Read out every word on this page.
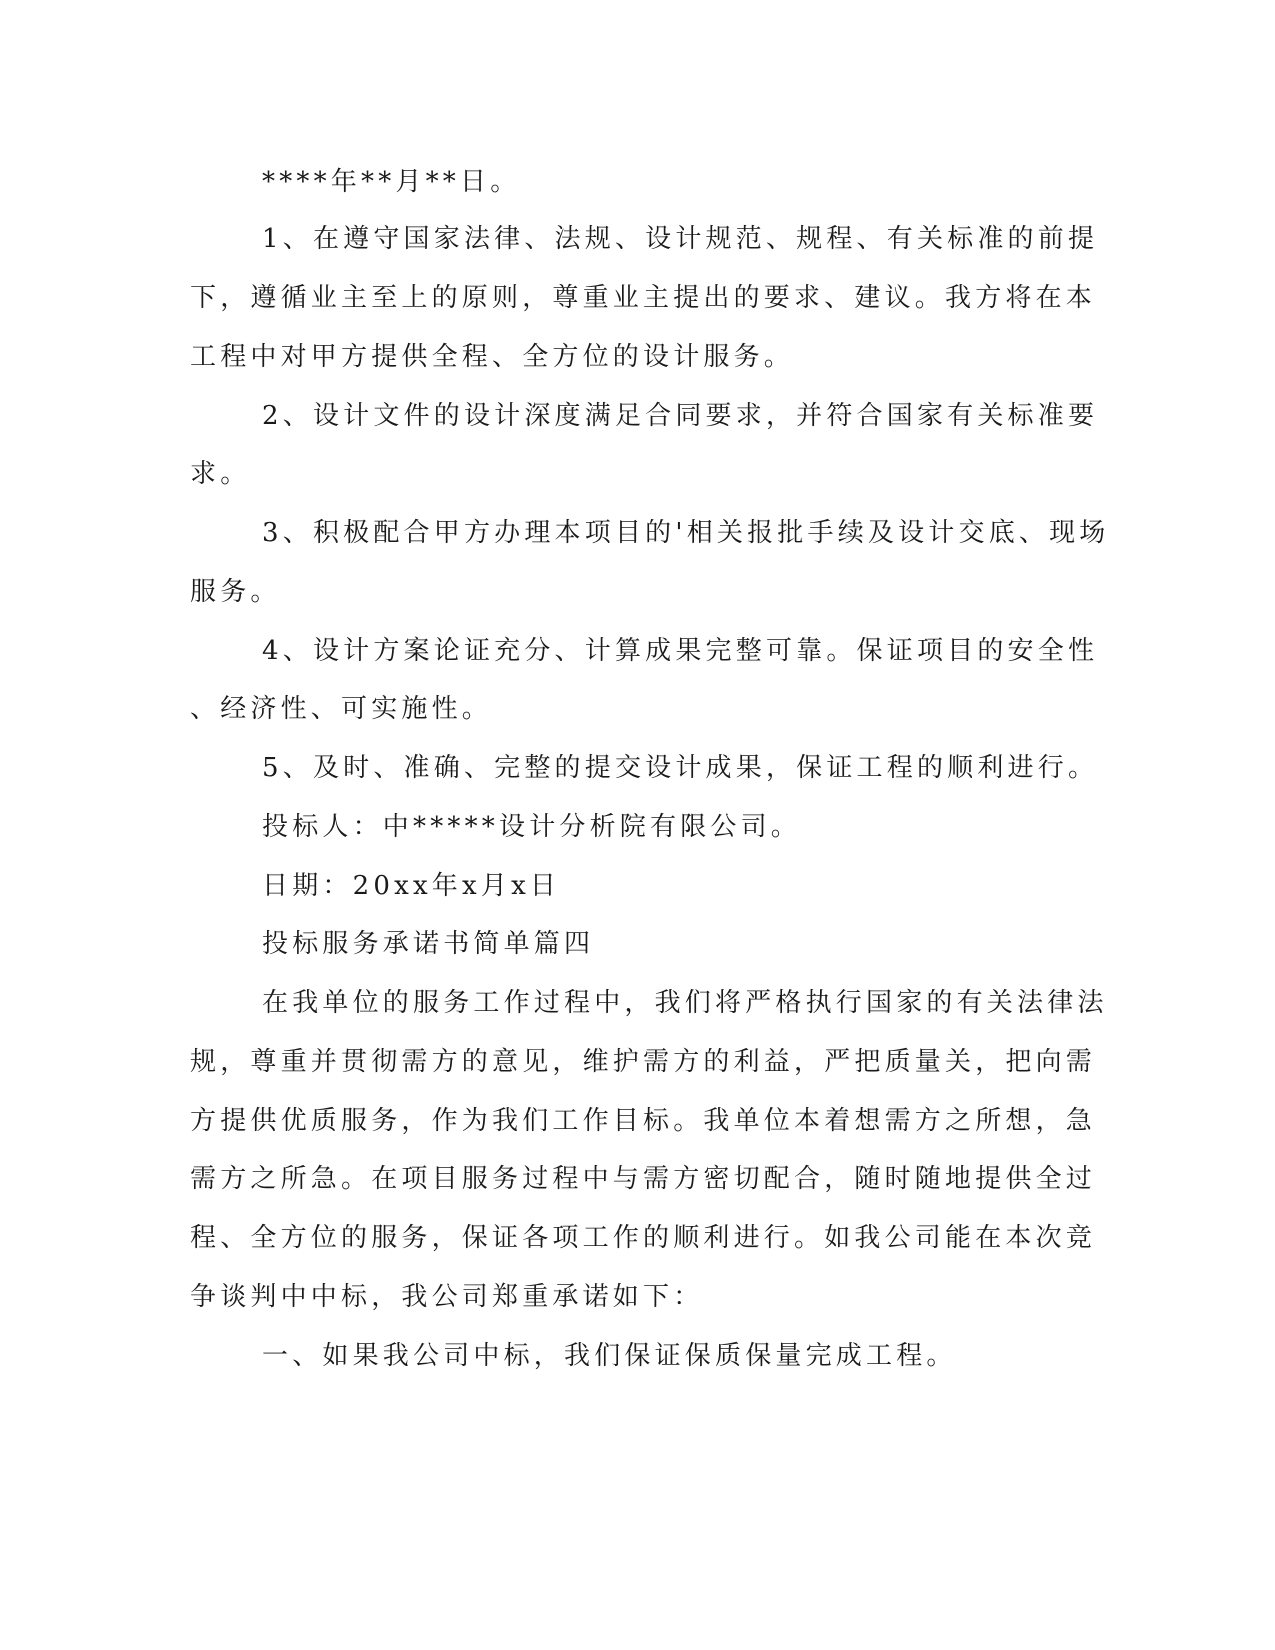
****年**月**日。
1、在遵守国家法律、法规、设计规范、规程、有关标准的前提
下，遵循业主至上的原则，尊重业主提出的要求、建议。我方将在本
工程中对甲方提供全程、全方位的设计服务。
2、设计文件的设计深度满足合同要求，并符合国家有关标准要
求。
3、积极配合甲方办理本项目的'相关报批手续及设计交底、现场
服务。
4、设计方案论证充分、计算成果完整可靠。保证项目的安全性
、经济性、可实施性。
5、及时、准确、完整的提交设计成果，保证工程的顺利进行。
投标人：中*****设计分析院有限公司。
日期：20xx年x月x日
投标服务承诺书简单篇四
在我单位的服务工作过程中，我们将严格执行国家的有关法律法
规，尊重并贯彻需方的意见，维护需方的利益，严把质量关，把向需
方提供优质服务，作为我们工作目标。我单位本着想需方之所想，急
需方之所急。在项目服务过程中与需方密切配合，随时随地提供全过
程、全方位的服务，保证各项工作的顺利进行。如我公司能在本次竞
争谈判中中标，我公司郑重承诺如下：
一、如果我公司中标，我们保证保质保量完成工程。
